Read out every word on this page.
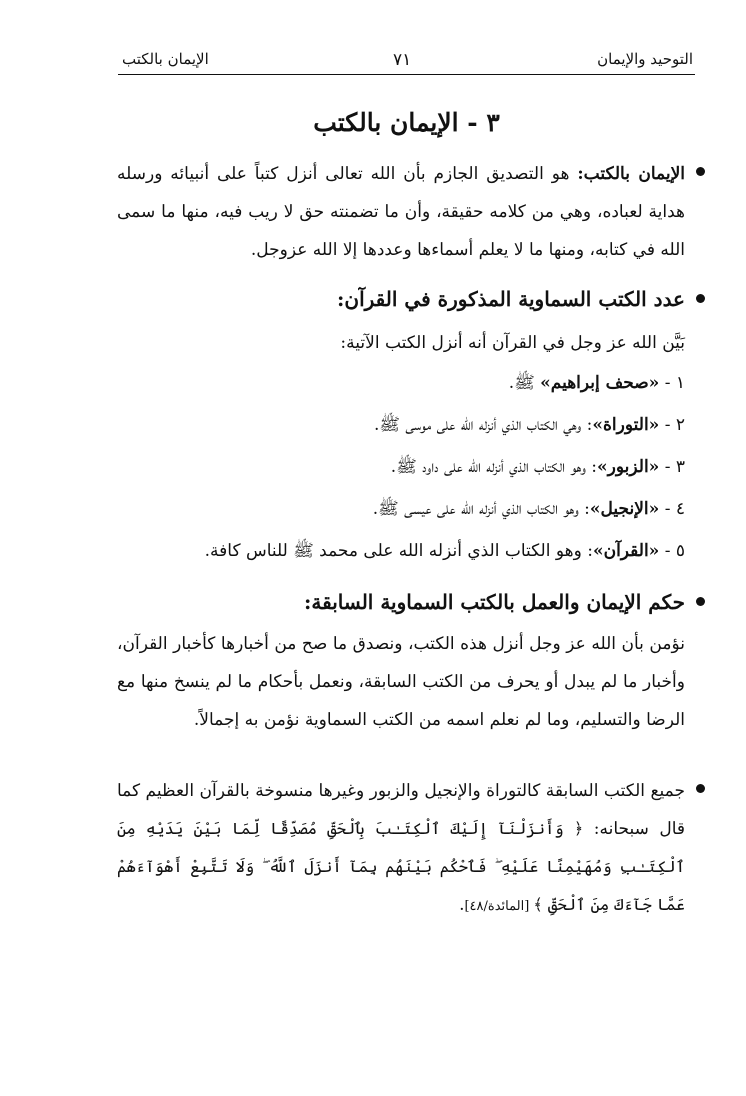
التوحيد والإيمان
٧١
الإيمان بالكتب
٣ - الإيمان بالكتب
الإيمان بالكتب: هو التصديق الجازم بأن الله تعالى أنزل كتباً على أنبيائه ورسله هداية لعباده، وهي من كلامه حقيقة، وأن ما تضمنته حق لا ريب فيه، منها ما سمى الله في كتابه، ومنها ما لا يعلم أسماءها وعددها إلا الله عزوجل.
عدد الكتب السماوية المذكورة في القرآن:
بَيَّن الله عز وجل في القرآن أنه أنزل الكتب الآتية:
١ - «صحف إبراهيم» ﷺ.
٢ - «التوراة»: وهي الكتاب الذي أنزله الله على موسى ﷺ.
٣ - «الزبور»: وهو الكتاب الذي أنزله الله على داود ﷺ.
٤ - «الإنجيل»: وهو الكتاب الذي أنزله الله على عيسى ﷺ.
٥ - «القرآن»: وهو الكتاب الذي أنزله الله على محمد ﷺ للناس كافة.
حكم الإيمان والعمل بالكتب السماوية السابقة:
نؤمن بأن الله عز وجل أنزل هذه الكتب، ونصدق ما صح من أخبارها كأخبار القرآن، وأخبار ما لم يبدل أو يحرف من الكتب السابقة، ونعمل بأحكام ما لم ينسخ منها مع الرضا والتسليم، وما لم نعلم اسمه من الكتب السماوية نؤمن به إجمالاً.
جميع الكتب السابقة كالتوراة والإنجيل والزبور وغيرها منسوخة بالقرآن العظيم كما قال سبحانه: ﴿ وَأَنزَلْنَآ إِلَيْكَ ٱلْكِتَـٰبَ بِٱلْحَقِّ مُصَدِّقًا لِّمَا بَيْنَ يَدَيْهِ مِنَ ٱلْكِتَـٰبِ وَمُهَيْمِنًا عَلَيْهِ ۖ فَٱحْكُم بَيْنَهُم بِمَآ أَنزَلَ ٱللَّهُ ۖ وَلَا تَتَّبِعْ أَهْوَآءَهُمْ عَمَّا جَآءَكَ مِنَ ٱلْحَقِّ ﴾ [المائدة/٤٨].
